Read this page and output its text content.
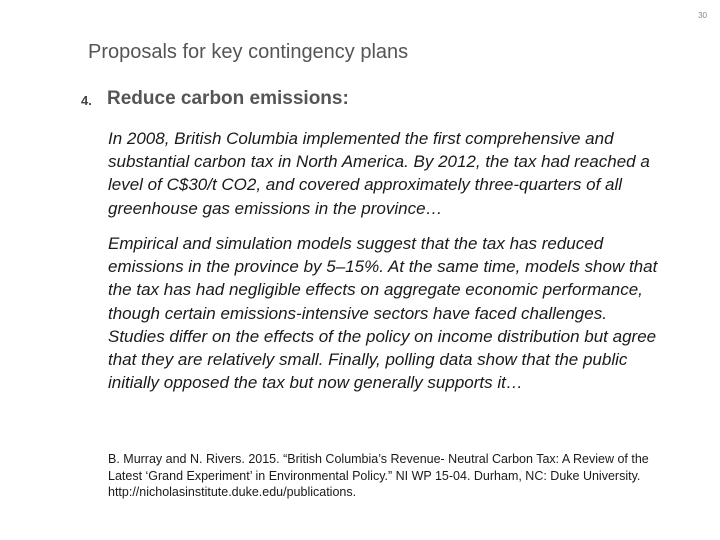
30
Proposals for key contingency plans
4. Reduce carbon emissions:

In 2008, British Columbia implemented the first comprehensive and substantial carbon tax in North America. By 2012, the tax had reached a level of C$30/t CO2, and covered approximately three-quarters of all greenhouse gas emissions in the province…

Empirical and simulation models suggest that the tax has reduced emissions in the province by 5–15%. At the same time, models show that the tax has had negligible effects on aggregate economic performance, though certain emissions-intensive sectors have faced challenges. Studies differ on the effects of the policy on income distribution but agree that they are relatively small. Finally, polling data show that the public initially opposed the tax but now generally supports it…

B. Murray and N. Rivers. 2015. “British Columbia’s Revenue- Neutral Carbon Tax: A Review of the Latest ‘Grand Experiment’ in Environmental Policy.” NI WP 15-04. Durham, NC: Duke University. http://nicholasinstitute.duke.edu/publications.
